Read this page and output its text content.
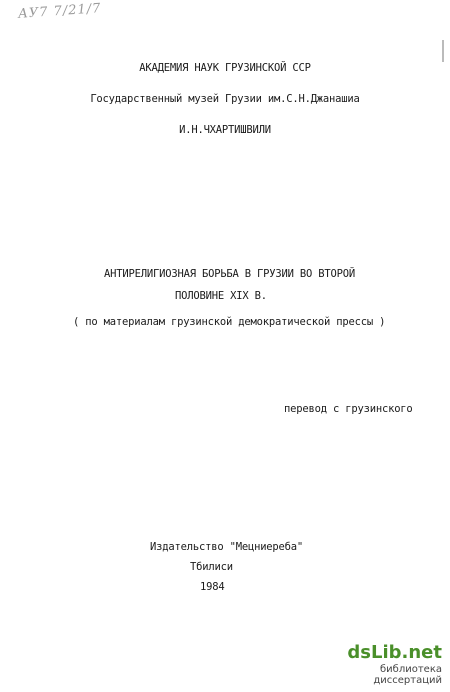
АУ7 7/21/7
АКАДЕМИЯ НАУК ГРУЗИНСКОЙ ССР
Государственный музей Грузии им.С.Н.Джанашиа
И.Н.ЧХАРТИШВИЛИ
АНТИРЕЛИГИОЗНАЯ БОРЬБА В ГРУЗИИ ВО ВТОРОЙ
ПОЛОВИНЕ XIX В.
( по материалам грузинской демократической прессы )
перевод с грузинского
Издательство "Мецниереба"
Тбилиси
1984
dsLib.net
библиотека диссертаций
